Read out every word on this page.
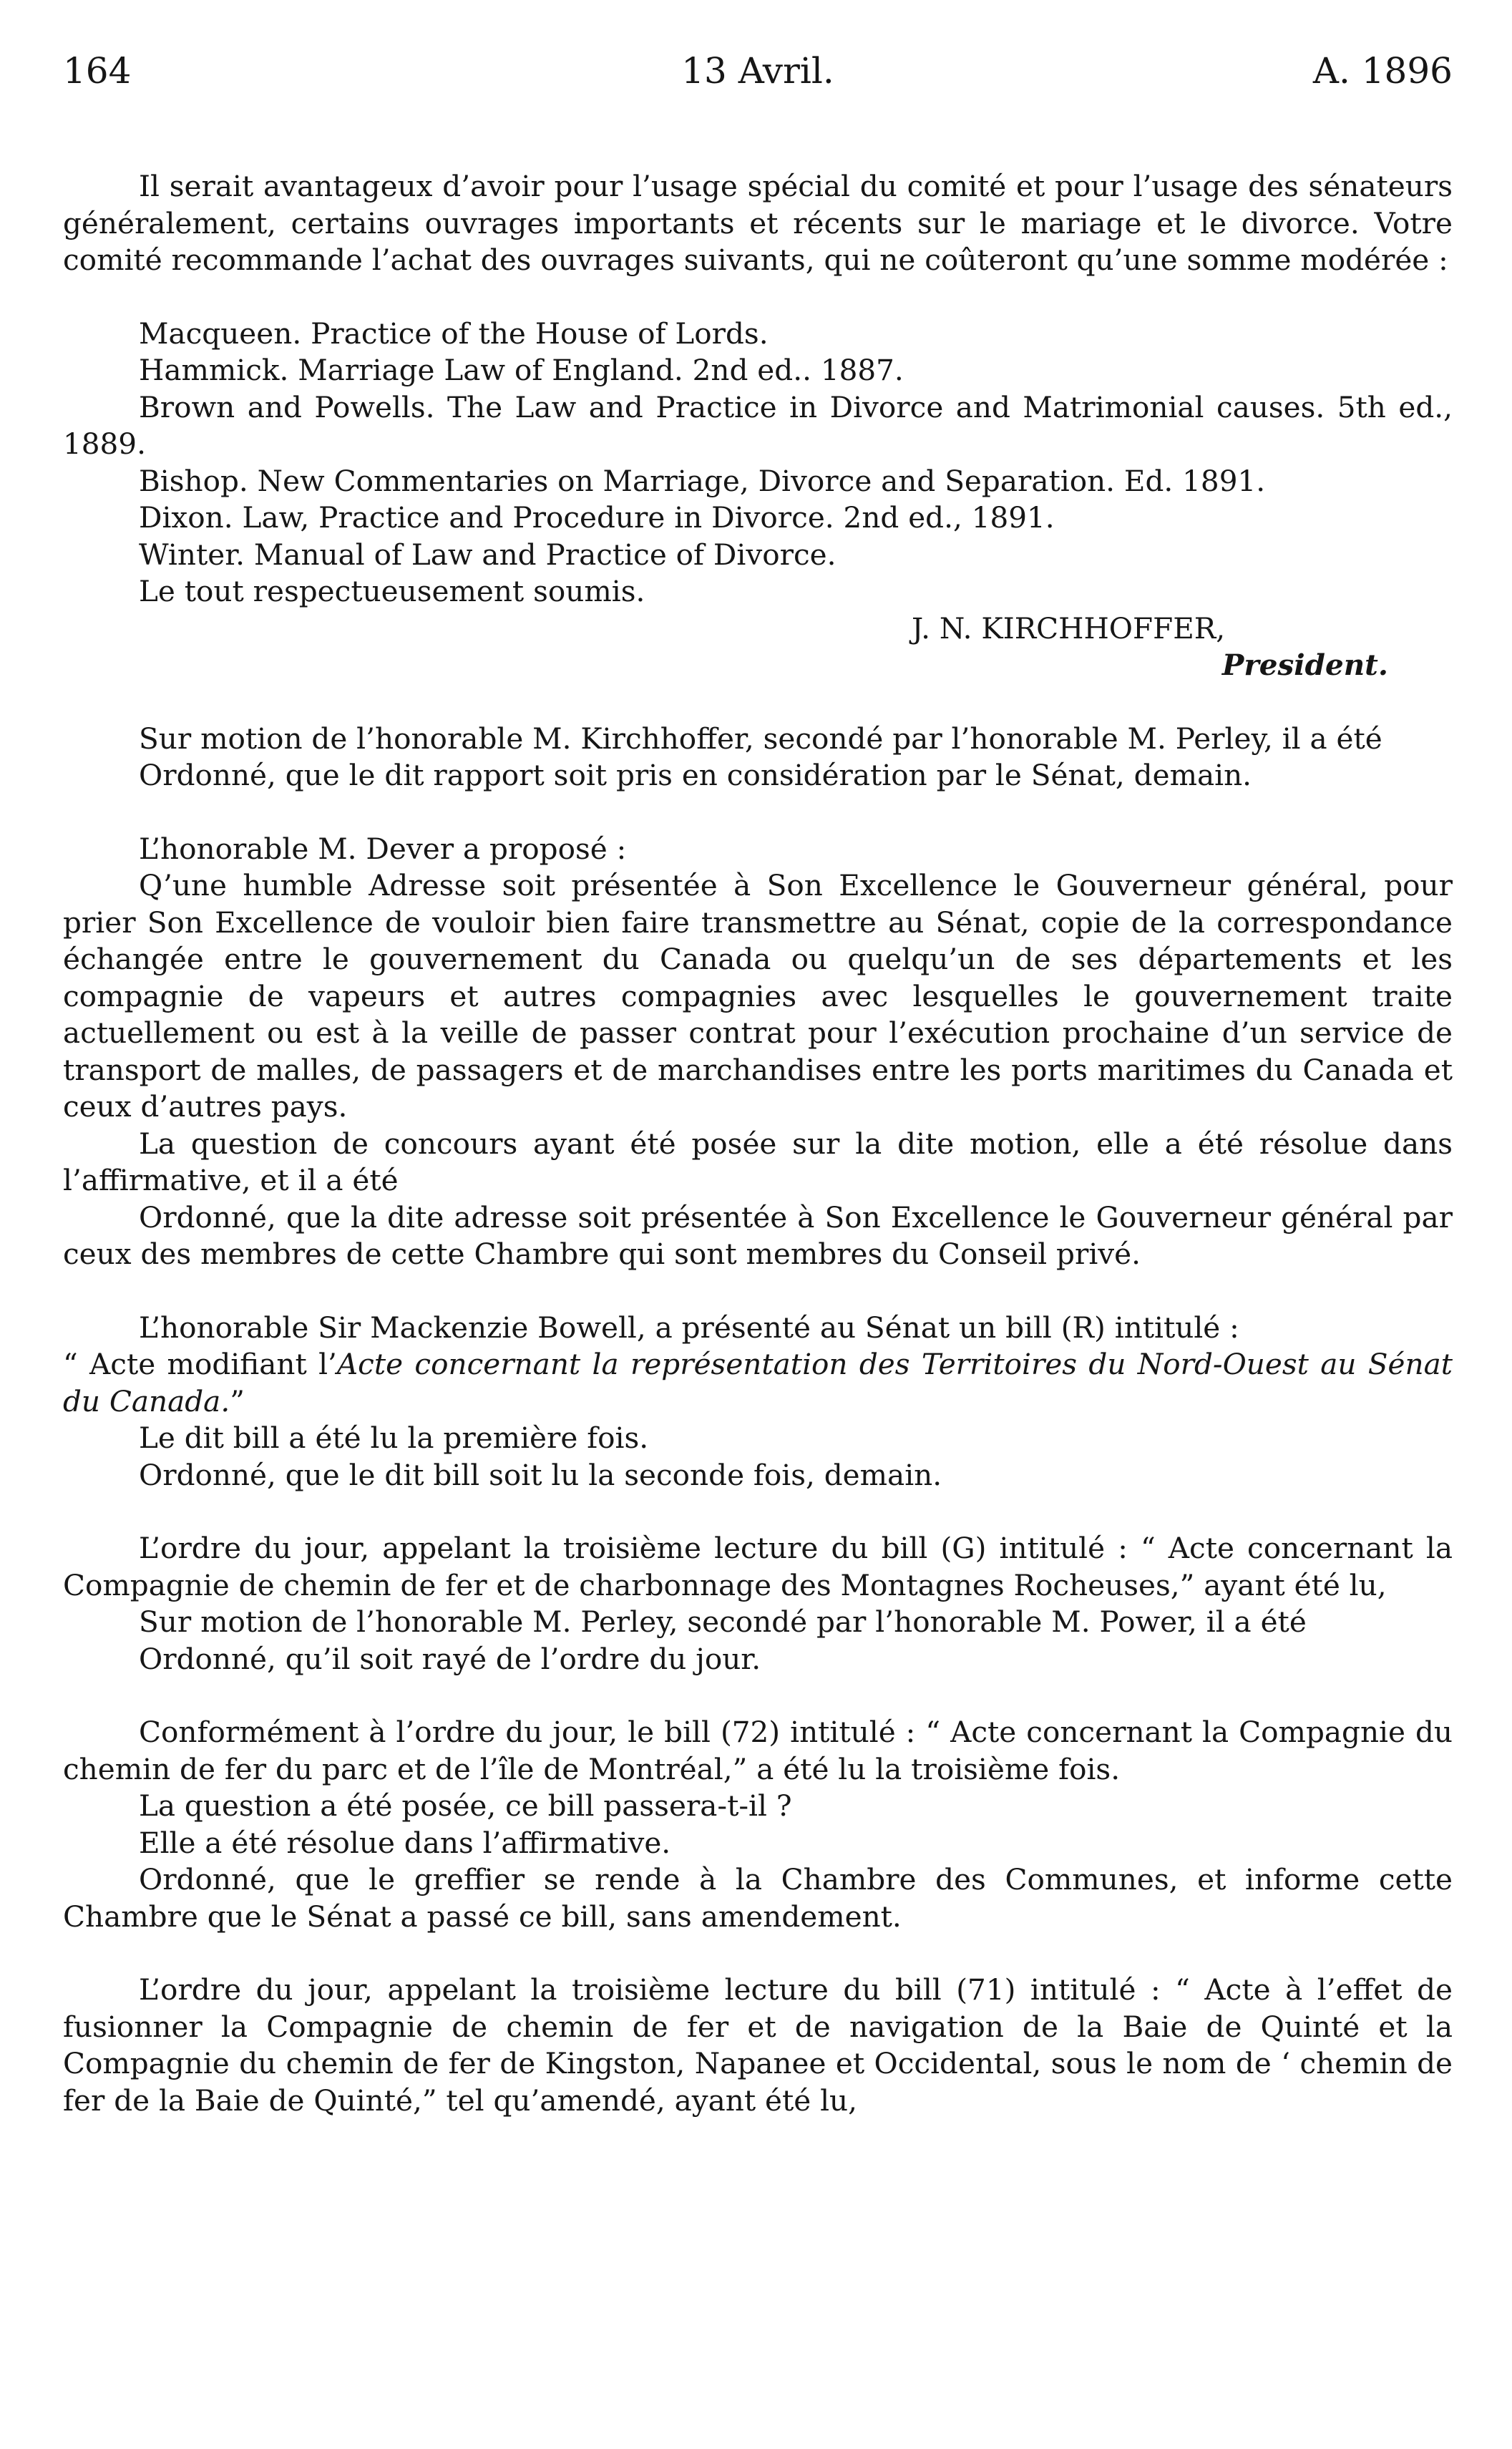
164	13 Avril.	A. 1896

Il serait avantageux d’avoir pour l’usage spécial du comité et pour l’usage des sénateurs généralement, certains ouvrages importants et récents sur le mariage et le divorce. Votre comité recommande l’achat des ouvrages suivants, qui ne coûteront qu’une somme modérée :

Macqueen. Practice of the House of Lords.

Hammick. Marriage Law of England. 2nd ed.. 1887.

Brown and Powells. The Law and Practice in Divorce and Matrimonial causes. 5th ed., 1889.

Bishop. New Commentaries on Marriage, Divorce and Separation. Ed. 1891.

Dixon. Law, Practice and Procedure in Divorce. 2nd ed., 1891.

Winter. Manual of Law and Practice of Divorce.

Le tout respectueusement soumis.

J. N. KIRCHHOFFER,

President.

Sur motion de l’honorable M. Kirchhoffer, secondé par l’honorable M. Perley, il a été

Ordonné, que le dit rapport soit pris en considération par le Sénat, demain.

L’honorable M. Dever a proposé :

Q’une humble Adresse soit présentée à Son Excellence le Gouverneur général, pour prier Son Excellence de vouloir bien faire transmettre au Sénat, copie de la correspondance échangée entre le gouvernement du Canada ou quelqu’un de ses départements et les compagnie de vapeurs et autres compagnies avec lesquelles le gouvernement traite actuellement ou est à la veille de passer contrat pour l’exécution prochaine d’un service de transport de malles, de passagers et de marchandises entre les ports maritimes du Canada et ceux d’autres pays.

La question de concours ayant été posée sur la dite motion, elle a été résolue dans l’affirmative, et il a été

Ordonné, que la dite adresse soit présentée à Son Excellence le Gouverneur général par ceux des membres de cette Chambre qui sont membres du Conseil privé.

L’honorable Sir Mackenzie Bowell, a présenté au Sénat un bill (R) intitulé :

“ Acte modifiant l’Acte concernant la représentation des Territoires du Nord-Ouest au Sénat du Canada.”

Le dit bill a été lu la première fois.

Ordonné, que le dit bill soit lu la seconde fois, demain.

L’ordre du jour, appelant la troisième lecture du bill (G) intitulé : “ Acte concernant la Compagnie de chemin de fer et de charbonnage des Montagnes Rocheuses,” ayant été lu,

Sur motion de l’honorable M. Perley, secondé par l’honorable M. Power, il a été

Ordonné, qu’il soit rayé de l’ordre du jour.

Conformément à l’ordre du jour, le bill (72) intitulé : “ Acte concernant la Compagnie du chemin de fer du parc et de l’île de Montréal,” a été lu la troisième fois.

La question a été posée, ce bill passera-t-il ?

Elle a été résolue dans l’affirmative.

Ordonné, que le greffier se rende à la Chambre des Communes, et informe cette Chambre que le Sénat a passé ce bill, sans amendement.

L’ordre du jour, appelant la troisième lecture du bill (71) intitulé : “ Acte à l’effet de fusionner la Compagnie de chemin de fer et de navigation de la Baie de Quinté et la Compagnie du chemin de fer de Kingston, Napanee et Occidental, sous le nom de ‘ chemin de fer de la Baie de Quinté,” tel qu’amendé, ayant été lu,
